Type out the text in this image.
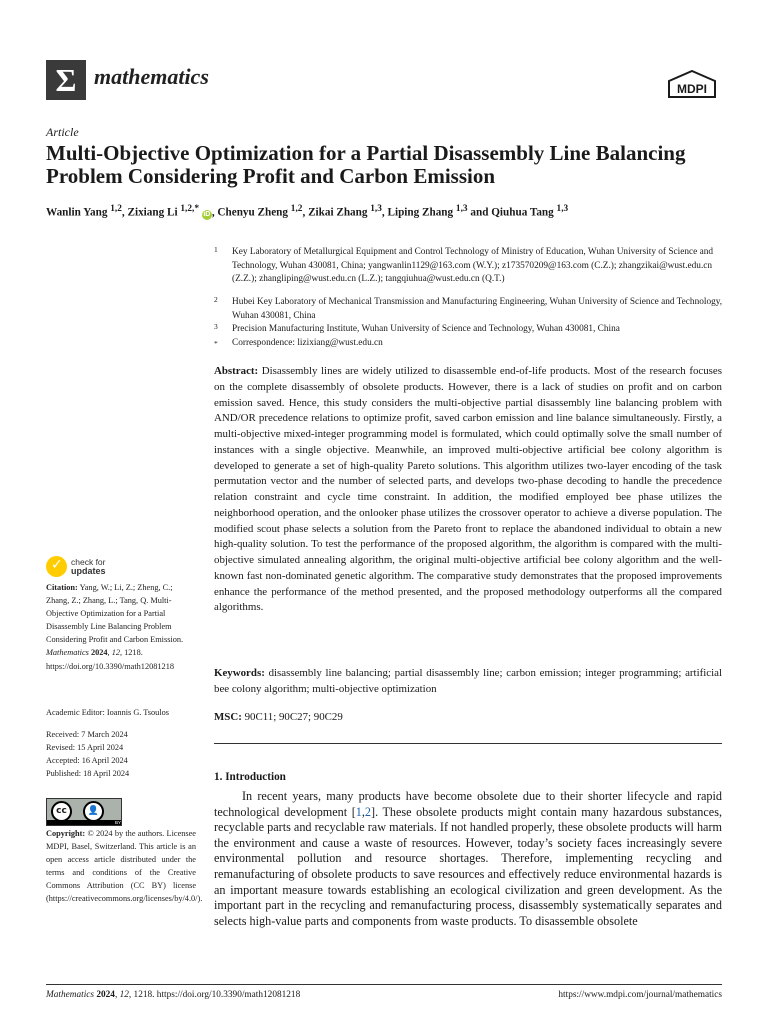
Σ mathematics	MDPI
Article
Multi-Objective Optimization for a Partial Disassembly Line Balancing Problem Considering Profit and Carbon Emission
Wanlin Yang $^{1,2}$, Zixiang Li $^{1,2,*}$ iD , Chenyu Zheng $^{1,2}$, Zikai Zhang $^{1,3}$, Liping Zhang $^{1,3}$ and Qiuhua Tang $^{1,3}$
1	Key Laboratory of Metallurgical Equipment and Control Technology of Ministry of Education, Wuhan University of Science and Technology, Wuhan 430081, China; yangwanlin1129@163.com (W.Y.); z173570209@163.com (C.Z.); zhangzikai@wust.edu.cn (Z.Z.); zhangliping@wust.edu.cn (L.Z.); tangqiuhua@wust.edu.cn (Q.T.)
2	Hubei Key Laboratory of Mechanical Transmission and Manufacturing Engineering, Wuhan University of Science and Technology, Wuhan 430081, China
3	Precision Manufacturing Institute, Wuhan University of Science and Technology, Wuhan 430081, China
*	Correspondence: lizixiang@wust.edu.cn
Abstract: Disassembly lines are widely utilized to disassemble end-of-life products. Most of the research focuses on the complete disassembly of obsolete products. However, there is a lack of studies on profit and on carbon emission saved. Hence, this study considers the multi-objective partial disassembly line balancing problem with AND/OR precedence relations to optimize profit, saved carbon emission and line balance simultaneously. Firstly, a multi-objective mixed-integer programming model is formulated, which could optimally solve the small number of instances with a single objective. Meanwhile, an improved multi-objective artificial bee colony algorithm is developed to generate a set of high-quality Pareto solutions. This algorithm utilizes two-layer encoding of the task permutation vector and the number of selected parts, and develops two-phase decoding to handle the precedence relation constraint and cycle time constraint. In addition, the modified employed bee phase utilizes the neighborhood operation, and the onlooker phase utilizes the crossover operator to achieve a diverse population. The modified scout phase selects a solution from the Pareto front to replace the abandoned individual to obtain a new high-quality solution. To test the performance of the proposed algorithm, the algorithm is compared with the multi-objective simulated annealing algorithm, the original multi-objective artificial bee colony algorithm and the well-known fast non-dominated genetic algorithm. The comparative study demonstrates that the proposed improvements enhance the performance of the method presented, and the proposed methodology outperforms all the compared algorithms.
Keywords: disassembly line balancing; partial disassembly line; carbon emission; integer programming; artificial bee colony algorithm; multi-objective optimization
MSC: 90C11; 90C27; 90C29
1. Introduction
In recent years, many products have become obsolete due to their shorter lifecycle and rapid technological development [1,2]. These obsolete products might contain many hazardous substances, recyclable parts and recyclable raw materials. If not handled properly, these obsolete products will harm the environment and cause a waste of resources. However, today’s society faces increasingly severe environmental pollution and resource shortages. Therefore, implementing recycling and remanufacturing of obsolete products to save resources and effectively reduce environmental hazards is an important measure towards establishing an ecological civilization and green development. As the important part in the recycling and remanufacturing process, disassembly systematically separates and selects high-value parts and components from waste products. To disassemble obsolete
✓ check for
updates
Citation: Yang, W.; Li, Z.; Zheng, C.; Zhang, Z.; Zhang, L.; Tang, Q. Multi-Objective Optimization for a Partial Disassembly Line Balancing Problem Considering Profit and Carbon Emission. Mathematics 2024, 12, 1218. https://doi.org/10.3390/math12081218
Academic Editor: Ioannis G. Tsoulos
Received: 7 March 2024
Revised: 15 April 2024
Accepted: 16 April 2024
Published: 18 April 2024
cc	👤
BY
Copyright: © 2024 by the authors. Licensee MDPI, Basel, Switzerland. This article is an open access article distributed under the terms and conditions of the Creative Commons Attribution (CC BY) license (https://creativecommons.org/licenses/by/4.0/).
Mathematics 2024, 12, 1218. https://doi.org/10.3390/math12081218	https://www.mdpi.com/journal/mathematics
